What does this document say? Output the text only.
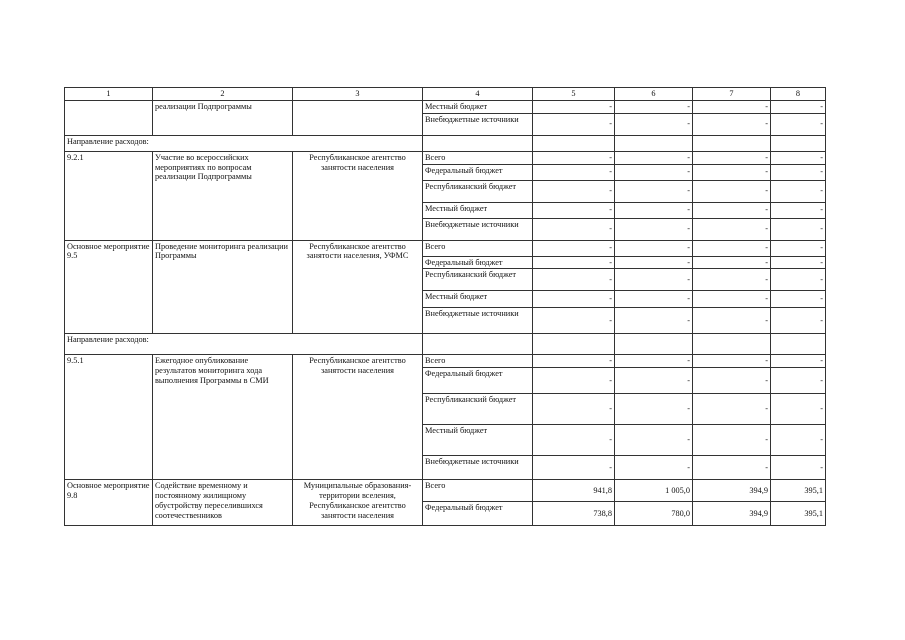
1	2	3	4	5	6	7	8
	реализации Подпрограммы		Местный бюджет	-	-	-	-
			Внебюджетные источники	-	-	-	-
Направление расходов:							
9.2.1	Участие во всероссийских мероприятиях по вопросам реализации Подпрограммы	Республиканское агентство занятости населения	Всего	-	-	-	-
			Федеральный бюджет	-	-	-	-
			Республиканский бюджет	-	-	-	-
			Местный бюджет	-	-	-	-
			Внебюджетные источники	-	-	-	-
Основное мероприятие 9.5	Проведение мониторинга реализации Программы	Республиканское агентство занятости населения, УФМС	Всего	-	-	-	-
			Федеральный бюджет	-	-	-	-
			Республиканский бюджет	-	-	-	-
			Местный бюджет	-	-	-	-
			Внебюджетные источники	-	-	-	-
Направление расходов:							
9.5.1	Ежегодное опубликование результатов мониторинга хода выполнения Программы в СМИ	Республиканское агентство занятости населения	Всего	-	-	-	-
			Федеральный бюджет	-	-	-	-
			Республиканский бюджет	-	-	-	-
			Местный бюджет	-	-	-	-
			Внебюджетные источники	-	-	-	-
Основное мероприятие 9.8	Содействие временному и постоянному жилищному обустройству переселившихся соотечественников	Муниципальные образования-территории вселения, Республиканское агентство занятости населения	Всего	941,8	1 005,0	394,9	395,1
			Федеральный бюджет	738,8	780,0	394,9	395,1
